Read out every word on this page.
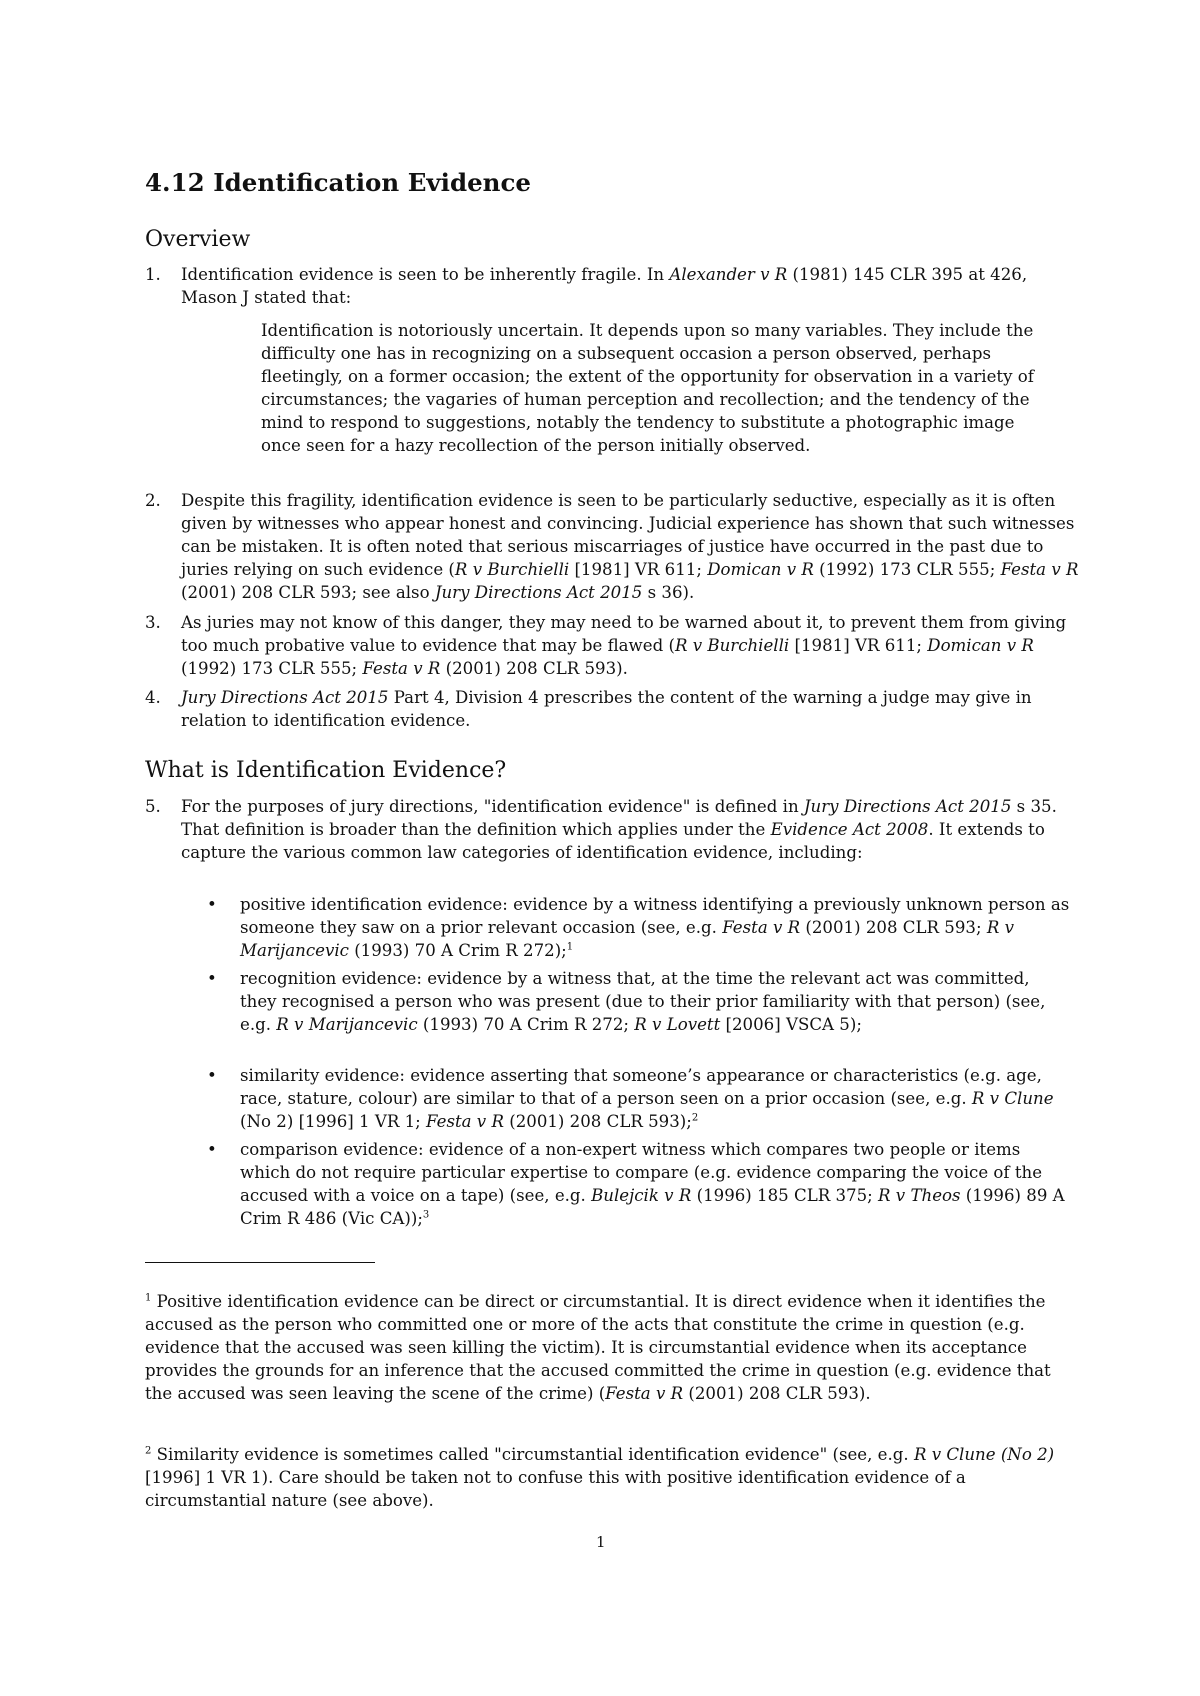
4.12 Identification Evidence
Overview
1. Identification evidence is seen to be inherently fragile. In Alexander v R (1981) 145 CLR 395 at 426, Mason J stated that:

Identification is notoriously uncertain. It depends upon so many variables. They include the difficulty one has in recognizing on a subsequent occasion a person observed, perhaps fleetingly, on a former occasion; the extent of the opportunity for observation in a variety of circumstances; the vagaries of human perception and recollection; and the tendency of the mind to respond to suggestions, notably the tendency to substitute a photographic image once seen for a hazy recollection of the person initially observed.

2. Despite this fragility, identification evidence is seen to be particularly seductive, especially as it is often given by witnesses who appear honest and convincing. Judicial experience has shown that such witnesses can be mistaken. It is often noted that serious miscarriages of justice have occurred in the past due to juries relying on such evidence (R v Burchielli [1981] VR 611; Domican v R (1992) 173 CLR 555; Festa v R (2001) 208 CLR 593; see also Jury Directions Act 2015 s 36).

3. As juries may not know of this danger, they may need to be warned about it, to prevent them from giving too much probative value to evidence that may be flawed (R v Burchielli [1981] VR 611; Domican v R (1992) 173 CLR 555; Festa v R (2001) 208 CLR 593).

4. Jury Directions Act 2015 Part 4, Division 4 prescribes the content of the warning a judge may give in relation to identification evidence.

What is Identification Evidence?
5. For the purposes of jury directions, "identification evidence" is defined in Jury Directions Act 2015 s 35. That definition is broader than the definition which applies under the Evidence Act 2008. It extends to capture the various common law categories of identification evidence, including:

• positive identification evidence: evidence by a witness identifying a previously unknown person as someone they saw on a prior relevant occasion (see, e.g. Festa v R (2001) 208 CLR 593; R v Marijancevic (1993) 70 A Crim R 272);$^1$

• recognition evidence: evidence by a witness that, at the time the relevant act was committed, they recognised a person who was present (due to their prior familiarity with that person) (see, e.g. R v Marijancevic (1993) 70 A Crim R 272; R v Lovett [2006] VSCA 5);

• similarity evidence: evidence asserting that someone’s appearance or characteristics (e.g. age, race, stature, colour) are similar to that of a person seen on a prior occasion (see, e.g. R v Clune (No 2) [1996] 1 VR 1; Festa v R (2001) 208 CLR 593);$^2$

• comparison evidence: evidence of a non-expert witness which compares two people or items which do not require particular expertise to compare (e.g. evidence comparing the voice of the accused with a voice on a tape) (see, e.g. Bulejcik v R (1996) 185 CLR 375; R v Theos (1996) 89 A Crim R 486 (Vic CA));$^3$

$^1$ Positive identification evidence can be direct or circumstantial. It is direct evidence when it identifies the accused as the person who committed one or more of the acts that constitute the crime in question (e.g. evidence that the accused was seen killing the victim). It is circumstantial evidence when its acceptance provides the grounds for an inference that the accused committed the crime in question (e.g. evidence that the accused was seen leaving the scene of the crime) (Festa v R (2001) 208 CLR 593).

$^2$ Similarity evidence is sometimes called "circumstantial identification evidence" (see, e.g. R v Clune (No 2) [1996] 1 VR 1). Care should be taken not to confuse this with positive identification evidence of a circumstantial nature (see above).

1
